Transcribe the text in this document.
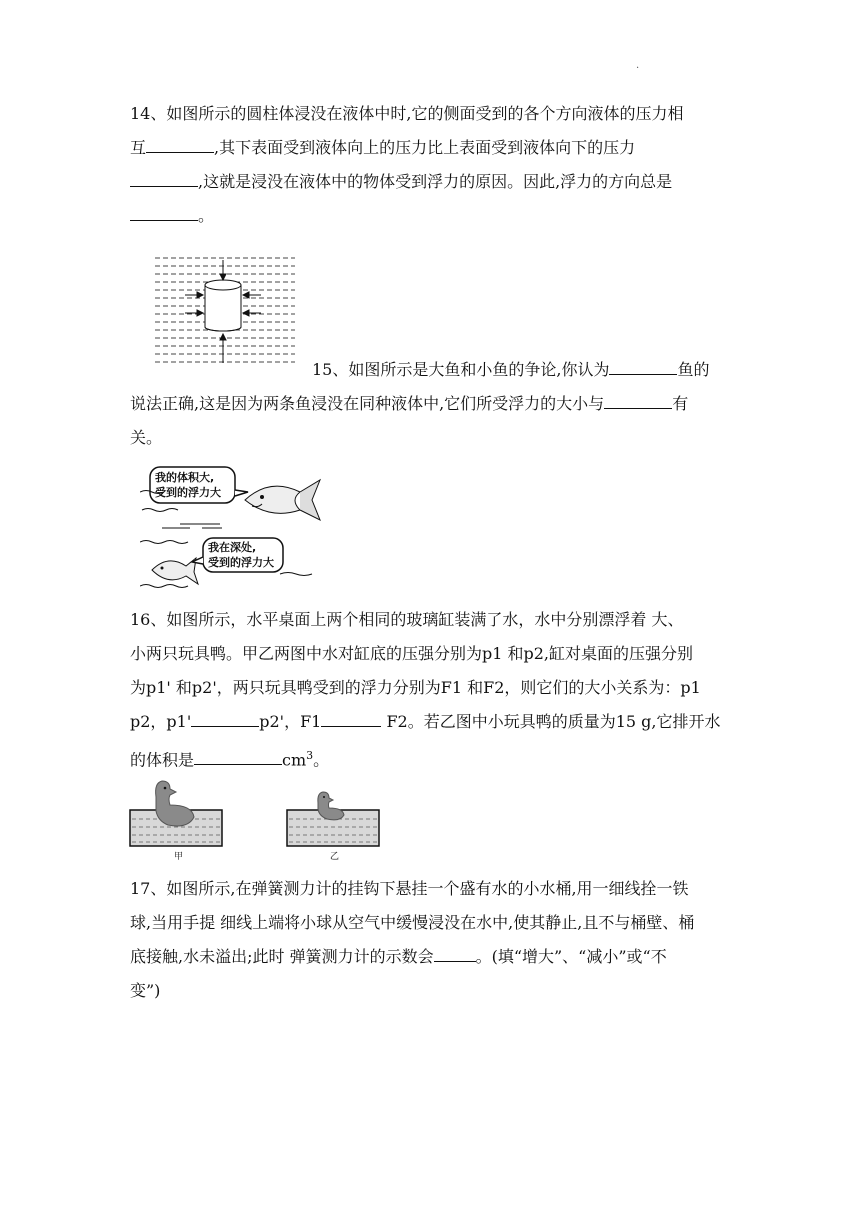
.
14、如图所示的圆柱体浸没在液体中时,它的侧面受到的各个方向液体的压力相
互	,其下表面受到液体向上的压力比上表面受到液体向下的压力
,这就是浸没在液体中的物体受到浮力的原因。因此,浮力的方向总是
。
15、如图所示是大鱼和小鱼的争论,你认为	鱼的
说法正确,这是因为两条鱼浸没在同种液体中,它们所受浮力的大小与	有
关。
我的体积大,
受到的浮力大
我在深处,
受到的浮力大
16、如图所示，水平桌面上两个相同的玻璃缸装满了水，水中分别漂浮着 大、
小两只玩具鸭。甲乙两图中水对缸底的压强分别为p1 和p2,缸对桌面的压强分别
为p1' 和p2'，两只玩具鸭受到的浮力分别为F1 和F2，则它们的大小关系为：p1
p2，p1'	p2'，F1	F2。若乙图中小玩具鸭的质量为15 g,它排开水
的体积是	$cm^3$。
甲	乙
17、如图所示,在弹簧测力计的挂钩下悬挂一个盛有水的小水桶,用一细线拴一铁
球,当用手提 细线上端将小球从空气中缓慢浸没在水中,使其静止,且不与桶壁、桶
底接触,水未溢出;此时 弹簧测力计的示数会	。(填“增大”、“减小”或“不
变”)
